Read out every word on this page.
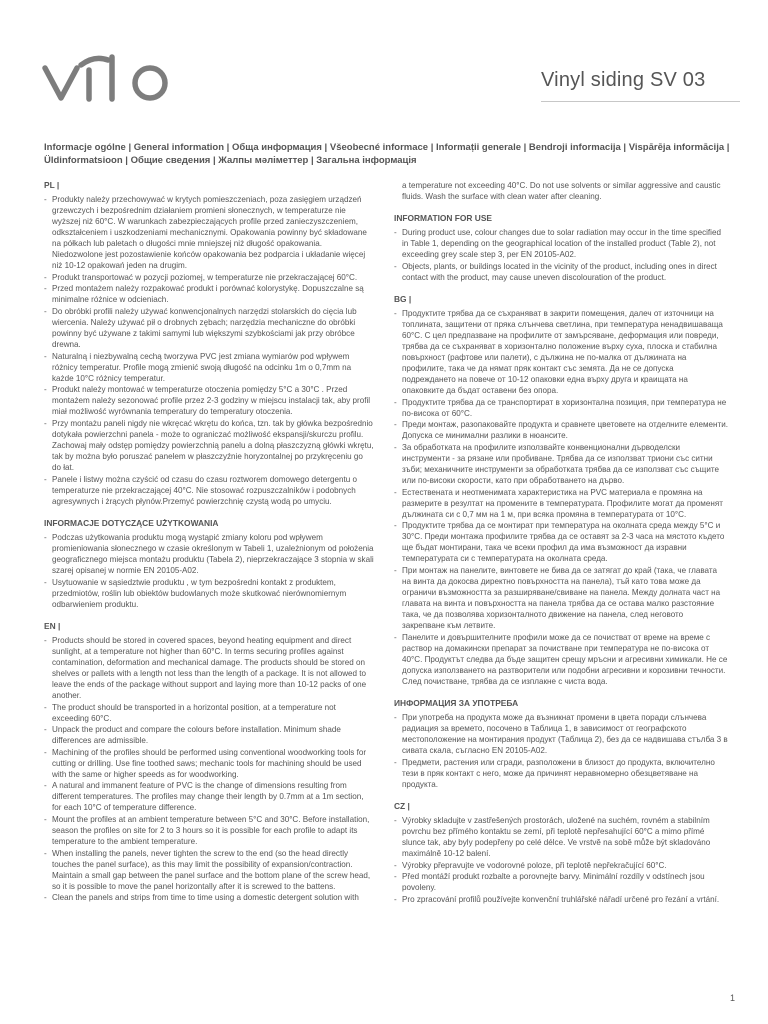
Vinyl siding SV 03

Informacje ogólne | General information | Обща информация | Všeobecné informace | Informații generale | Bendroji informacija | Vispārēja informācija | Üldinformatsioon | Общие сведения | Жалпы мәліметтер | Загальна інформація

PL |
- Produkty należy przechowywać w krytych pomieszczeniach, poza zasięgiem urządzeń grzewczych i bezpośrednim działaniem promieni słonecznych, w temperaturze nie wyższej niż 60°C. W warunkach zabezpieczających profile przed zanieczyszczeniem, odkształceniem i uszkodzeniami mechanicznymi. Opakowania powinny być składowane na półkach lub paletach o długości mnie mniejszej niż długość opakowania. Niedozwolone jest pozostawienie końców opakowania bez podparcia i układanie więcej niż 10-12 opakowań jeden na drugim.
- Produkt transportować w pozycji poziomej, w temperaturze nie przekraczającej 60°C.
- Przed montażem należy rozpakować produkt i porównać kolorystykę. Dopuszczalne są minimalne różnice w odcieniach.
- Do obróbki profili należy używać konwencjonalnych narzędzi stolarskich do cięcia lub wiercenia. Należy używać pił o drobnych zębach; narzędzia mechaniczne do obróbki powinny być używane z takimi samymi lub większymi szybkościami jak przy obróbce drewna.
- Naturalną i niezbywalną cechą tworzywa PVC jest zmiana wymiarów pod wpływem różnicy temperatur. Profile mogą zmienić swoją długość na odcinku 1m o 0,7mm na każde 10°C różnicy temperatur.
- Produkt należy montować w temperaturze otoczenia pomiędzy 5°C a 30°C . Przed montażem należy sezonować profile przez 2-3 godziny w miejscu instalacji tak, aby profil miał możliwość wyrównania temperatury do temperatury otoczenia.
- Przy montażu paneli nigdy nie wkręcać wkrętu do końca, tzn. tak by główka bezpośrednio dotykała powierzchni panela - może to ograniczać możliwość ekspansji/skurczu profilu. Zachowaj mały odstęp pomiędzy powierzchnią panelu a dolną płaszczyzną główki wkrętu, tak by można było poruszać panelem w płaszczyźnie horyzontalnej po przykręceniu go do łat.
- Panele i listwy można czyścić od czasu do czasu roztworem domowego detergentu o temperaturze nie przekraczającej 40°C. Nie stosować rozpuszczalników i podobnych agresywnych i żrących płynów.Przemyć powierzchnię czystą wodą po umyciu.
INFORMACJE DOTYCZĄCE UŻYTKOWANIA
- Podczas użytkowania produktu mogą wystąpić zmiany koloru pod wpływem promieniowania słonecznego w czasie określonym w Tabeli 1, uzależnionym od położenia geograficznego miejsca montażu produktu (Tabela 2), nieprzekraczające 3 stopnia w skali szarej opisanej w normie EN 20105-A02.
- Usytuowanie w sąsiedztwie produktu , w tym bezpośredni kontakt z produktem, przedmiotów, roślin lub obiektów budowlanych może skutkować nierównomiernym odbarwieniem produktu.
EN |
- Products should be stored in covered spaces, beyond heating equipment and direct sunlight, at a temperature not higher than 60°C. In terms securing profiles against contamination, deformation and mechanical damage. The products should be stored on shelves or pallets with a length not less than the length of a package. It is not allowed to leave the ends of the package without support and laying more than 10-12 packs of one another.
- The product should be transported in a horizontal position, at a temperature not exceeding 60°C.
- Unpack the product and compare the colours before installation. Minimum shade differences are admissible.
- Machining of the profiles should be performed using conventional woodworking tools for cutting or drilling. Use fine toothed saws; mechanic tools for machining should be used with the same or higher speeds as for woodworking.
- A natural and immanent feature of PVC is the change of dimensions resulting from different temperatures. The profiles may change their length by 0.7mm at a 1m section, for each 10°C of temperature difference.
- Mount the profiles at an ambient temperature between 5°C and 30°C. Before installation, season the profiles on site for 2 to 3 hours so it is possible for each profile to adapt its temperature to the ambient temperature.
- When installing the panels, never tighten the screw to the end (so the head directly touches the panel surface), as this may limit the possibility of expansion/contraction. Maintain a small gap between the panel surface and the bottom plane of the screw head, so it is possible to move the panel horizontally after it is screwed to the battens.
- Clean the panels and strips from time to time using a domestic detergent solution with
a temperature not exceeding 40°C. Do not use solvents or similar aggressive and caustic fluids. Wash the surface with clean water after cleaning.
INFORMATION FOR USE
- During product use, colour changes due to solar radiation may occur in the time specified in Table 1, depending on the geographical location of the installed product (Table 2), not exceeding grey scale step 3, per EN 20105-A02.
- Objects, plants, or buildings located in the vicinity of the product, including ones in direct contact with the product, may cause uneven discolouration of the product.
BG |
- Продуктите трябва да се съхраняват в закрити помещения, далеч от източници на топлината, защитени от пряка слънчева светлина, при температура ненадвишаваща 60°C. С цел предпазване на профилите от замърсяване, деформация или повреди, трябва да се съхраняват в хоризонтално положение върху суха, плоска и стабилна повърхност (рафтове или палети), с дължина не по-малка от дължината на профилите, така че да нямат пряк контакт със земята. Да не се допуска подреждането на повече от 10-12 опаковки една върху друга и краищата на опаковките да бъдат оставени без опора.
- Продуктите трябва да се транспортират в хоризонтална позиция, при температура не по-висока от 60°C.
- Преди монтаж, разопаковайте продукта и сравнете цветовете на отделните елементи. Допуска се минимални разлики в нюансите.
- За обработката на профилите използвайте конвенционални дърводелски инструменти - за рязане или пробиване. Трябва да се използват триони със ситни зъби; механичните инструменти за обработката трябва да се използват със същите или по-високи скорости, като при обработването на дърво.
- Естествената и неотменимата характеристика на PVC материала е промяна на размерите в резултат на промените в температурата. Профилите могат да променят дължината си с 0,7 мм на 1 м, при всяка промяна в температурата от 10°C.
- Продуктите трябва да се монтират при температура на околната среда между 5°C и 30°C. Преди монтажа профилите трябва да се оставят за 2-3 часа на мястото където ще бъдат монтирани, така че всеки профил да има възможност да изравни температурата си с температурата на околната среда.
- При монтаж на панелите, винтовете не бива да се затягат до край (така, че главата на винта да докосва директно повърхността на панела), тъй като това може да ограничи възможността за разширяване/свиване на панела. Между долната част на главата на винта и повърхността на панела трябва да се остава малко разстояние така, че да позволява хоризонталното движение на панела, след неговото закрепване към летвите.
- Панелите и довършителните профили може да се почистват от време на време с раствор на домакински препарат за почистване при температура не по-висока от 40°C. Продуктът следва да бъде защитен срещу мръсни и агресивни химикали. Не се допуска използването на разтворители или подобни агресивни и корозивни течности. След почистване, трябва да се изплакне с чиста вода.
ИНФОРМАЦИЯ ЗА УПОТРЕБА
- При употреба на продукта може да възникнат промени в цвета поради слънчева радиация за времето, посочено в Таблица 1, в зависимост от географското местоположение на монтирания продукт (Таблица 2), без да се надвишава стълба 3 в сивата скала, съгласно EN 20105-A02.
- Предмети, растения или сгради, разположени в близост до продукта, включително тези в пряк контакт с него, може да причинят неравномерно обезцветяване на продукта.
CZ |
- Výrobky skladujte v zastřešených prostorách, uložené na suchém, rovném a stabilním povrchu bez přímého kontaktu se zemí, při teplotě nepřesahující 60°C a mimo přímé slunce tak, aby byly podepřeny po celé délce. Ve vrstvě na sobě může být skladováno maximálně 10-12 balení.
- Výrobky přepravujte ve vodorovné poloze, při teplotě nepřekračující 60°C.
- Před montáží produkt rozbalte a porovnejte barvy. Minimální rozdíly v odstínech jsou povoleny.
- Pro zpracování profilů používejte konvenční truhlářské nářadí určené pro řezání a vrtání.
1
